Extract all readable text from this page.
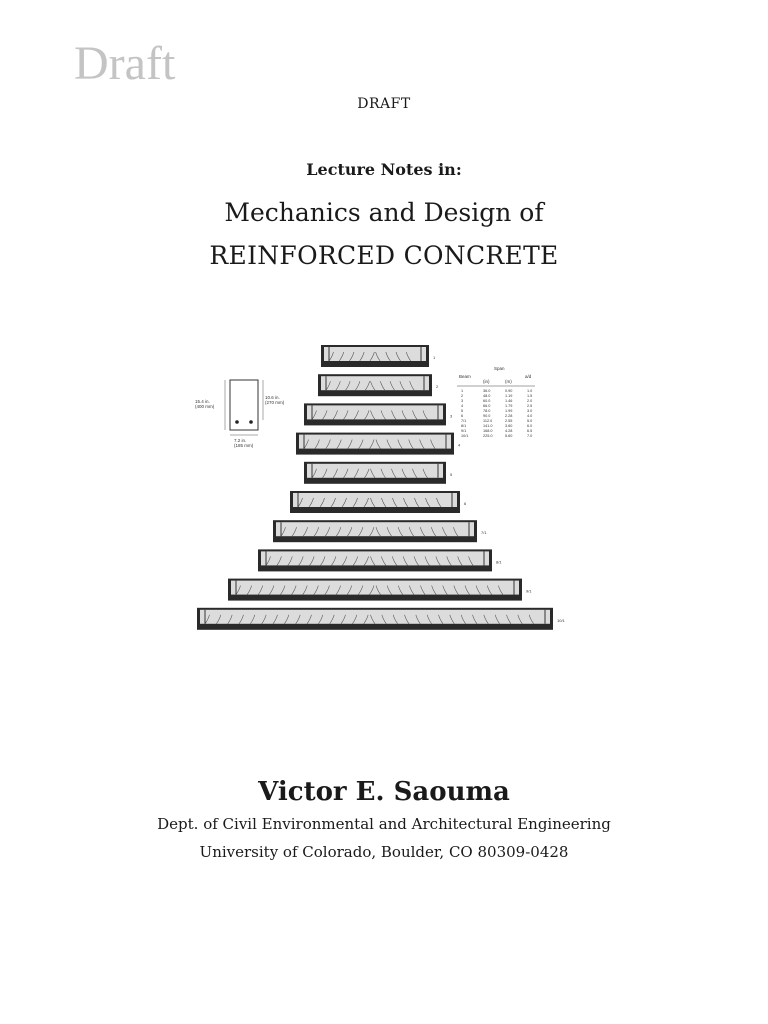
Draft
DRAFT
Lecture Notes in:
Mechanics and Design of
REINFORCED CONCRETE
15.4 in.
(400 mm)
10.6 in.
(270 mm)
7.2 in.
(185 mm)
Beam
Span
(in)	(m)
a/d
1	36.0	0.90	1.0
2	48.0	1.19	1.5
3	60.0	1.46	2.0
4	66.0	1.79	2.5
5	78.0	1.99	3.0
6	90.0	2.28	4.0
7/1	112.0	2.55	5.0
8/1	141.0	3.60	6.0
9/1	168.0	4.28	6.5
10/1	225.0	5.60	7.0
1
2
3
4
5
6
7/1
8/1
9/1
10/1
Victor E. Saouma
Dept. of Civil Environmental and Architectural Engineering
University of Colorado, Boulder, CO 80309-0428
